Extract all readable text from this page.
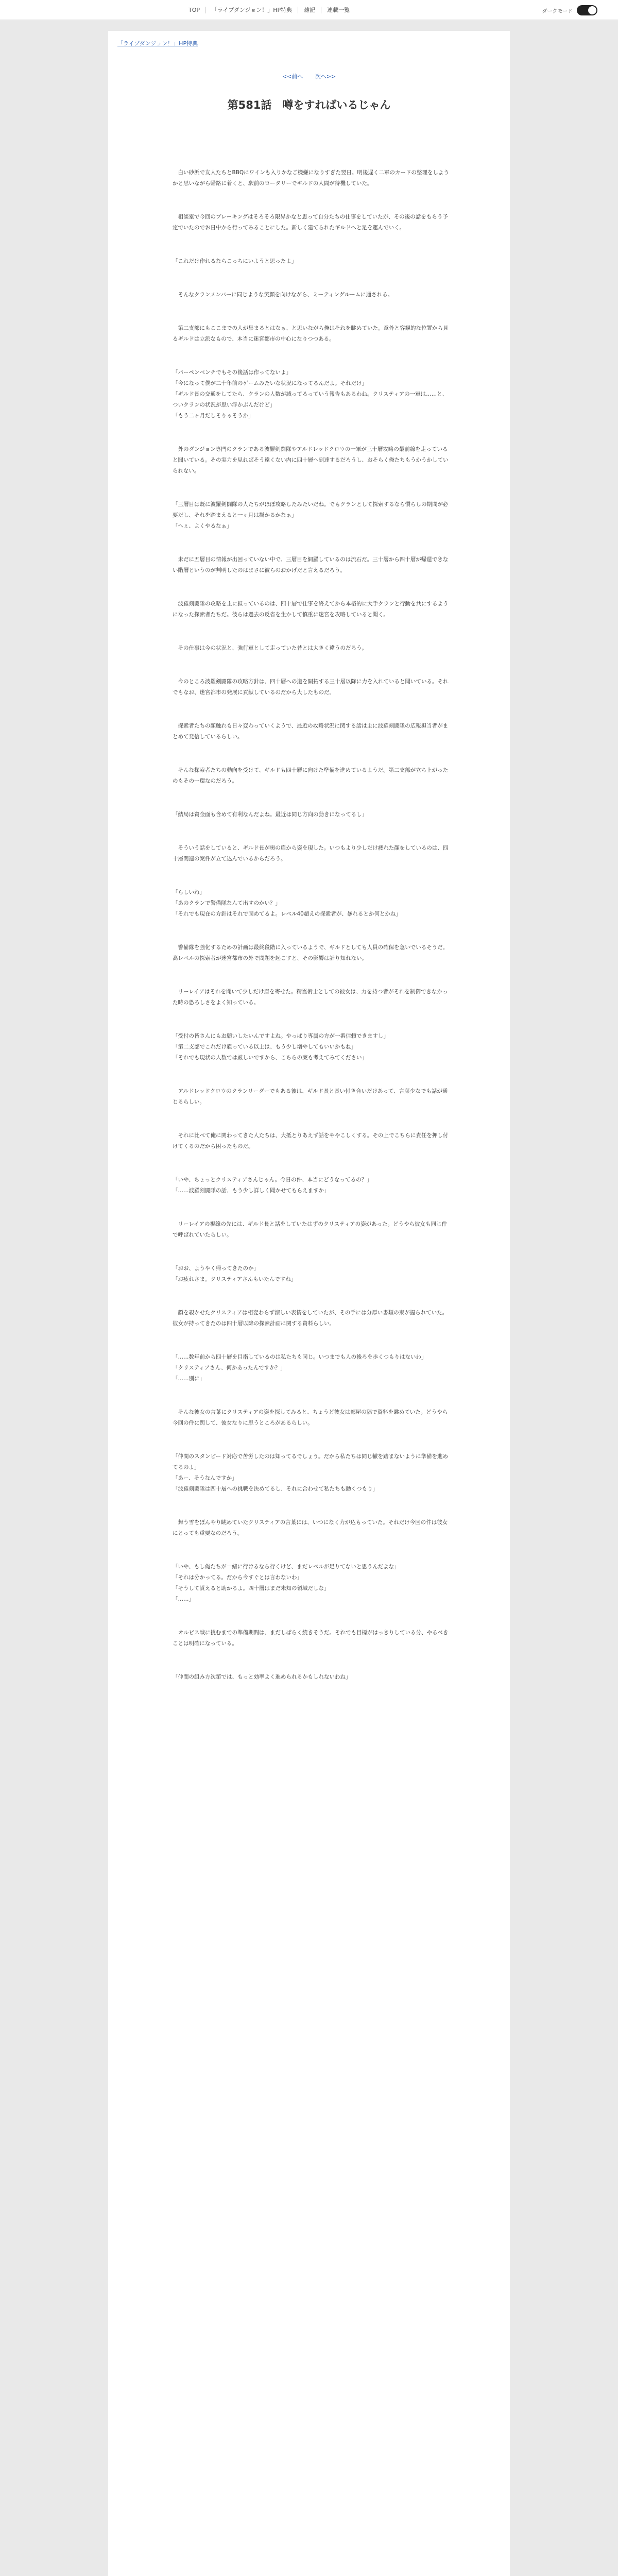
TOP	「ライブダンジョン！」HP特典	雑記	連載一覧	ダークモード
「ライブダンジョン！」HP特典
<<前へ 次へ>>
第581話　噂をすればいるじゃん

　白い砂浜で友人たちとBBQにワインも入りかなご機嫌になりすぎた翌日。明後遅く二軍のカードの整理をしようかと思いながら帰路に着くと、駅前のロータリーでギルドの人間が待機していた。

　相談室で今回のブレーキングはそろそろ限界かなと思って自分たちの仕事をしていたが、その後の話をもらう予定でいたのでお日中から行ってみることにした。新しく建てられたギルドへと足を運んでいく。

「これだけ作れるならこっちにいようと思ったよ」

　そんなクランメンバーに同じような笑顔を向けながら、ミーティングルームに通される。

　第二支部にもここまでの人が集まるとはなぁ、と思いながら俺はそれを眺めていた。意外と客観的な位置から見るギルドは立派なもので、本当に迷宮都市の中心になりつつある。

「パーペンベンチでもその後話は作ってないよ」
「今になって僕が二十年前のゲームみたいな状況になってるんだよ。それだけ」
「ギルド長の交通をしてたら、クランの人数が減ってるっていう報告もあるわね。クリスティアの一軍は……と、ついクランの状況が思い浮かぶんだけど」
「もう二ヶ月だしそりゃそうか」

　外のダンジョン専門のクランである波羅剣闘隊やアルドレッドクロウの一軍が三十層攻略の最前線を走っていると聞いている。その実力を見ればそう遠くない内に四十層へ到達するだろうし、おそらく俺たちもうかうかしていられない。

「三層目は既に波羅剣闘隊の人たちがほぼ攻略したみたいだね。でもクランとして探索するなら慣らしの期間が必要だし、それを踏まえると一ヶ月は掛かるかなぁ」
「へぇ、よくやるなぁ」

　未だに五層目の情報が出回っていない中で、三層目を網羅しているのは流石だ。三十層から四十層が帰還できない階層というのが判明したのはまさに彼らのおかげだと言えるだろう。

　波羅剣闘隊の攻略を主に担っているのは、四十層で仕事を終えてから本格的に大手クランと行動を共にするようになった探索者たちだ。彼らは過去の反省を生かして慎重に迷宮を攻略していると聞く。

　その仕事は今の状況と、強行軍として走っていた昔とは大きく違うのだろう。

　今のところ波羅剣闘隊の攻略方針は、四十層への道を開拓する三十層以降に力を入れていると聞いている。それでもなお、迷宮都市の発展に貢献しているのだから大したものだ。

　探索者たちの顔触れも日々変わっていくようで、最近の攻略状況に関する話は主に波羅剣闘隊の広報担当者がまとめて発信しているらしい。

　そんな探索者たちの動向を受けて、ギルドも四十層に向けた準備を進めているようだ。第二支部が立ち上がったのもその一環なのだろう。

「結局は資金面も含めて有利なんだよね。最近は同じ方向の動きになってるし」

　そういう話をしていると、ギルド長が奥の扉から姿を現した。いつもより少しだけ疲れた顔をしているのは、四十層関連の案件が立て込んでいるからだろう。

「らしいね」
「あのクランで警備隊なんて出すのかい？」
「それでも現在の方針はそれで固めてるよ。レベル40超えの探索者が、暴れるとか何とかね」

　警備隊を強化するための計画は最終段階に入っているようで、ギルドとしても人員の確保を急いでいるそうだ。高レベルの探索者が迷宮都市の外で問題を起こすと、その影響は計り知れない。

　リーレイアはそれを聞いて少しだけ眉を寄せた。精霊術士としての彼女は、力を持つ者がそれを制御できなかった時の恐ろしさをよく知っている。

「受付の皆さんにもお願いしたいんですよね。やっぱり専属の方が一番信頼できますし」
「第二支部でこれだけ雇っている以上は、もう少し増やしてもいいかもね」
「それでも現状の人数では厳しいですから、こちらの案も考えてみてください」

　アルドレッドクロウのクランリーダーでもある彼は、ギルド長と長い付き合いだけあって、言葉少なでも話が通じるらしい。

　それに比べて俺に関わってきた人たちは、大抵とりあえず話をややこしくする。その上でこちらに責任を押し付けてくるのだから困ったものだ。

「いや、ちょっとクリスティアさんじゃん。今日の件、本当にどうなってるの？」
「……波羅剣闘隊の話、もう少し詳しく聞かせてもらえますか」

　リーレイアの視線の先には、ギルド長と話をしていたはずのクリスティアの姿があった。どうやら彼女も同じ件で呼ばれていたらしい。

「おお、ようやく帰ってきたのか」
「お疲れさま。クリスティアさんもいたんですね」

　顔を覗かせたクリスティアは相変わらず涼しい表情をしていたが、その手には分厚い書類の束が握られていた。彼女が持ってきたのは四十層以降の探索計画に関する資料らしい。

「……数年前から四十層を目指しているのは私たちも同じ。いつまでも人の後ろを歩くつもりはないわ」
「クリスティアさん、何かあったんですか？」
「……別に」

　そんな彼女の言葉にクリスティアの姿を探してみると、ちょうど彼女は部屋の隅で資料を眺めていた。どうやら今回の件に関して、彼女なりに思うところがあるらしい。

「仲間のスタンピード対応で苦労したのは知ってるでしょう。だから私たちは同じ轍を踏まないように準備を進めてるのよ」
「あー、そうなんですか」
「波羅剣闘隊は四十層への挑戦を決めてるし、それに合わせて私たちも動くつもり」

　舞う雪をぼんやり眺めていたクリスティアの言葉には、いつになく力が込もっていた。それだけ今回の件は彼女にとっても重要なのだろう。

「いや、もし俺たちが一緒に行けるなら行くけど、まだレベルが足りてないと思うんだよな」
「それは分かってる。だから今すぐとは言わないわ」
「そうして貰えると助かるよ。四十層はまだ未知の領域だしな」
「……」

　オルビス戦に挑むまでの準備期間は、まだしばらく続きそうだ。それでも目標がはっきりしている分、やるべきことは明確になっている。

「仲間の組み方次第では、もっと効率よく進められるかもしれないわね」
